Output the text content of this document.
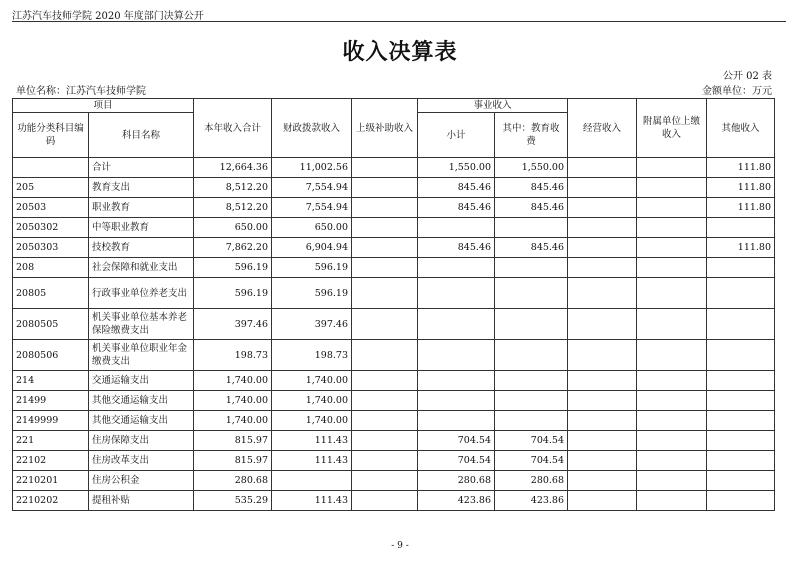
江苏汽车技师学院 2020 年度部门决算公开
收入决算表
公开 02 表
单位名称：江苏汽车技师学院	金额单位：万元
项目		本年收入合计	财政拨款收入	上级补助收入	事业收入		经营收入	附属单位上缴收入	其他收入
功能分类科目编码	科目名称				小计	其中：教育收费			
	合计	12,664.36	11,002.56		1,550.00	1,550.00			111.80
205	教育支出	8,512.20	7,554.94		845.46	845.46			111.80
20503	职业教育	8,512.20	7,554.94		845.46	845.46			111.80
2050302	中等职业教育	650.00	650.00						
2050303	技校教育	7,862.20	6,904.94		845.46	845.46			111.80
208	社会保障和就业支出	596.19	596.19						
20805	行政事业单位养老支出	596.19	596.19						
2080505	机关事业单位基本养老保险缴费支出	397.46	397.46						
2080506	机关事业单位职业年金缴费支出	198.73	198.73						
214	交通运输支出	1,740.00	1,740.00						
21499	其他交通运输支出	1,740.00	1,740.00						
2149999	其他交通运输支出	1,740.00	1,740.00						
221	住房保障支出	815.97	111.43		704.54	704.54			
22102	住房改革支出	815.97	111.43		704.54	704.54			
2210201	住房公积金	280.68			280.68	280.68			
2210202	提租补贴	535.29	111.43		423.86	423.86			
- 9 -
